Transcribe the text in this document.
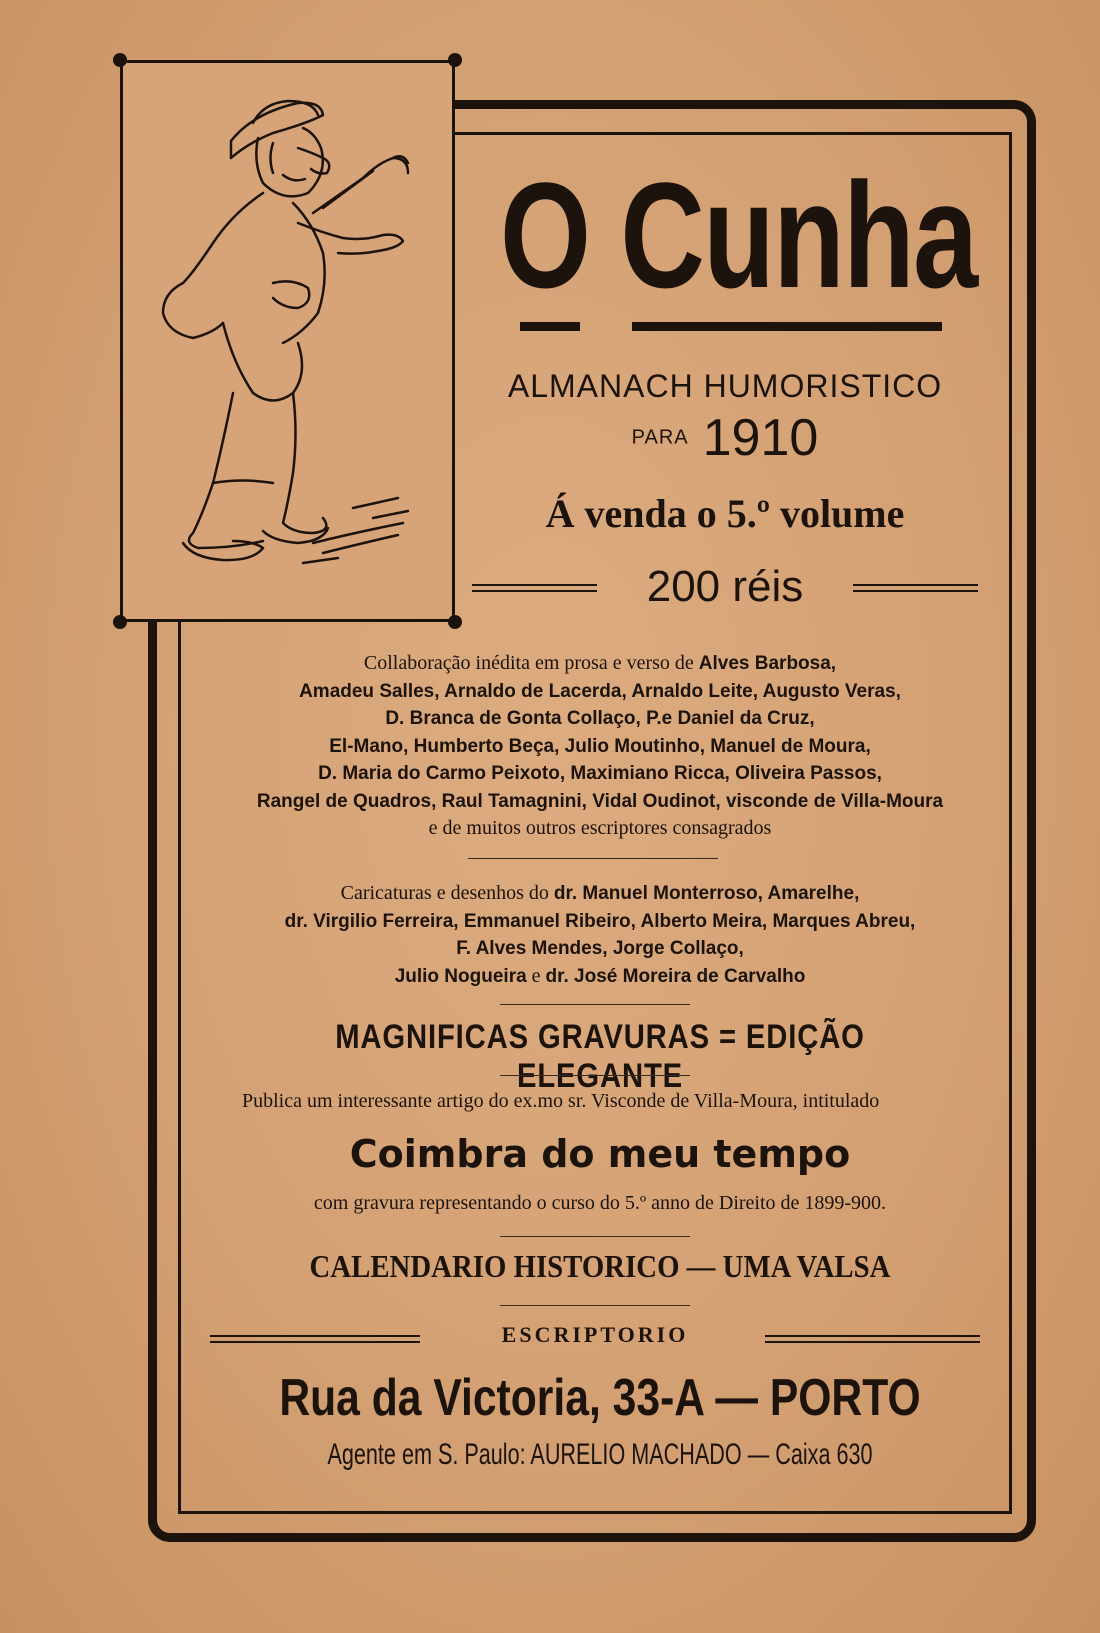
O Cunha
ALMANACH HUMORISTICO
PARA 1910
Á venda o 5.º volume
200 réis
Collaboração inédita em prosa e verso de Alves Barbosa,
Amadeu Salles, Arnaldo de Lacerda, Arnaldo Leite, Augusto Veras,
D. Branca de Gonta Collaço, P.e Daniel da Cruz,
El-Mano, Humberto Beça, Julio Moutinho, Manuel de Moura,
D. Maria do Carmo Peixoto, Maximiano Ricca, Oliveira Passos,
Rangel de Quadros, Raul Tamagnini, Vidal Oudinot, visconde de Villa-Moura
e de muitos outros escriptores consagrados
Caricaturas e desenhos do dr. Manuel Monterroso, Amarelhe,
dr. Virgilio Ferreira, Emmanuel Ribeiro, Alberto Meira, Marques Abreu,
F. Alves Mendes, Jorge Collaço,
Julio Nogueira e dr. José Moreira de Carvalho
MAGNIFICAS GRAVURAS = EDIÇÃO ELEGANTE
Publica um interessante artigo do ex.mo sr. Visconde de Villa-Moura, intitulado
Coimbra do meu tempo
com gravura representando o curso do 5.º anno de Direito de 1899-900.
CALENDARIO HISTORICO — UMA VALSA
ESCRIPTORIO
Rua da Victoria, 33-A — PORTO
Agente em S. Paulo: AURELIO MACHADO — Caixa 630
